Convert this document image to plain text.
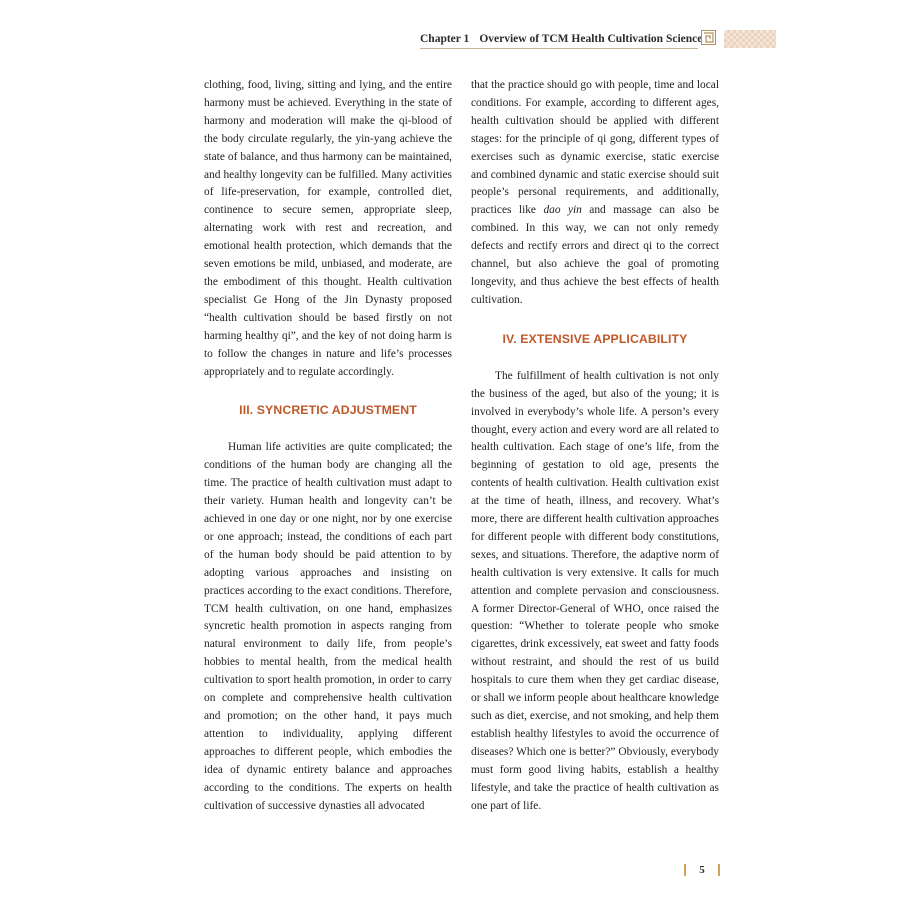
Chapter 1 Overview of TCM Health Cultivation Science

clothing, food, living, sitting and lying, and the entire harmony must be achieved. Everything in the state of harmony and moderation will make the qi-blood of the body circulate regularly, the yin-yang achieve the state of balance, and thus harmony can be maintained, and healthy longevity can be fulfilled. Many activities of life-preservation, for example, controlled diet, continence to secure semen, appropriate sleep, alternating work with rest and recreation, and emotional health protection, which demands that the seven emotions be mild, unbiased, and moderate, are the embodiment of this thought. Health cultivation specialist Ge Hong of the Jin Dynasty proposed “health cultivation should be based firstly on not harming healthy qi”, and the key of not doing harm is to follow the changes in nature and life’s processes appropriately and to regulate accordingly.

III. SYNCRETIC ADJUSTMENT

Human life activities are quite complicated; the conditions of the human body are changing all the time. The practice of health cultivation must adapt to their variety. Human health and longevity can’t be achieved in one day or one night, nor by one exercise or one approach; instead, the conditions of each part of the human body should be paid attention to by adopting various approaches and insisting on practices according to the exact conditions. Therefore, TCM health cultivation, on one hand, emphasizes syncretic health promotion in aspects ranging from natural environment to daily life, from people’s hobbies to mental health, from the medical health cultivation to sport health promotion, in order to carry on complete and comprehensive health cultivation and promotion; on the other hand, it pays much attention to individuality, applying different approaches to different people, which embodies the idea of dynamic entirety balance and approaches according to the conditions. The experts on health cultivation of successive dynasties all advocated

that the practice should go with people, time and local conditions. For example, according to different ages, health cultivation should be applied with different stages: for the principle of qi gong, different types of exercises such as dynamic exercise, static exercise and combined dynamic and static exercise should suit people’s personal requirements, and additionally, practices like dao yin and massage can also be combined. In this way, we can not only remedy defects and rectify errors and direct qi to the correct channel, but also achieve the goal of promoting longevity, and thus achieve the best effects of health cultivation.

IV. EXTENSIVE APPLICABILITY

The fulfillment of health cultivation is not only the business of the aged, but also of the young; it is involved in everybody’s whole life. A person’s every thought, every action and every word are all related to health cultivation. Each stage of one’s life, from the beginning of gestation to old age, presents the contents of health cultivation. Health cultivation exist at the time of heath, illness, and recovery. What’s more, there are different health cultivation approaches for different people with different body constitutions, sexes, and situations. Therefore, the adaptive norm of health cultivation is very extensive. It calls for much attention and complete pervasion and consciousness. A former Director-General of WHO, once raised the question: “Whether to tolerate people who smoke cigarettes, drink excessively, eat sweet and fatty foods without restraint, and should the rest of us build hospitals to cure them when they get cardiac disease, or shall we inform people about healthcare knowledge such as diet, exercise, and not smoking, and help them establish healthy lifestyles to avoid the occurrence of diseases? Which one is better?” Obviously, everybody must form good living habits, establish a healthy lifestyle, and take the practice of health cultivation as one part of life.

5
